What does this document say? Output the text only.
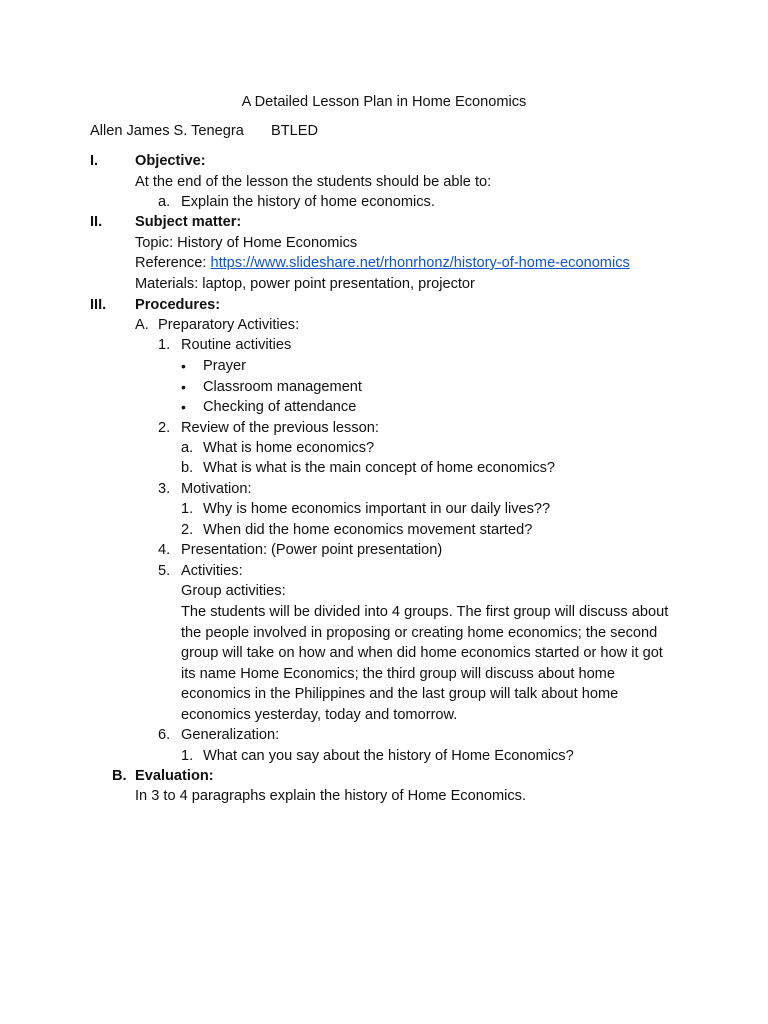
A Detailed Lesson Plan in Home Economics
Allen James S. Tenegra BTLED
I.	Objective:
At the end of the lesson the students should be able to:
a. Explain the history of home economics.
II. Subject matter:
Topic: History of Home Economics
Reference: https://www.slideshare.net/rhonrhonz/history-of-home-economics
Materials: laptop, power point presentation, projector
III. Procedures:
A. Preparatory Activities:
1. Routine activities
• Prayer
• Classroom management
• Checking of attendance
2. Review of the previous lesson:
a. What is home economics?
b. What is what is the main concept of home economics?
3. Motivation:
1. Why is home economics important in our daily lives??
2. When did the home economics movement started?
4. Presentation: (Power point presentation)
5. Activities:
Group activities:
The students will be divided into 4 groups. The first group will discuss about the people involved in proposing or creating home economics; the second group will take on how and when did home economics started or how it got its name Home Economics; the third group will discuss about home economics in the Philippines and the last group will talk about home economics yesterday, today and tomorrow.
6. Generalization:
1. What can you say about the history of Home Economics?
B. Evaluation:
In 3 to 4 paragraphs explain the history of Home Economics.
